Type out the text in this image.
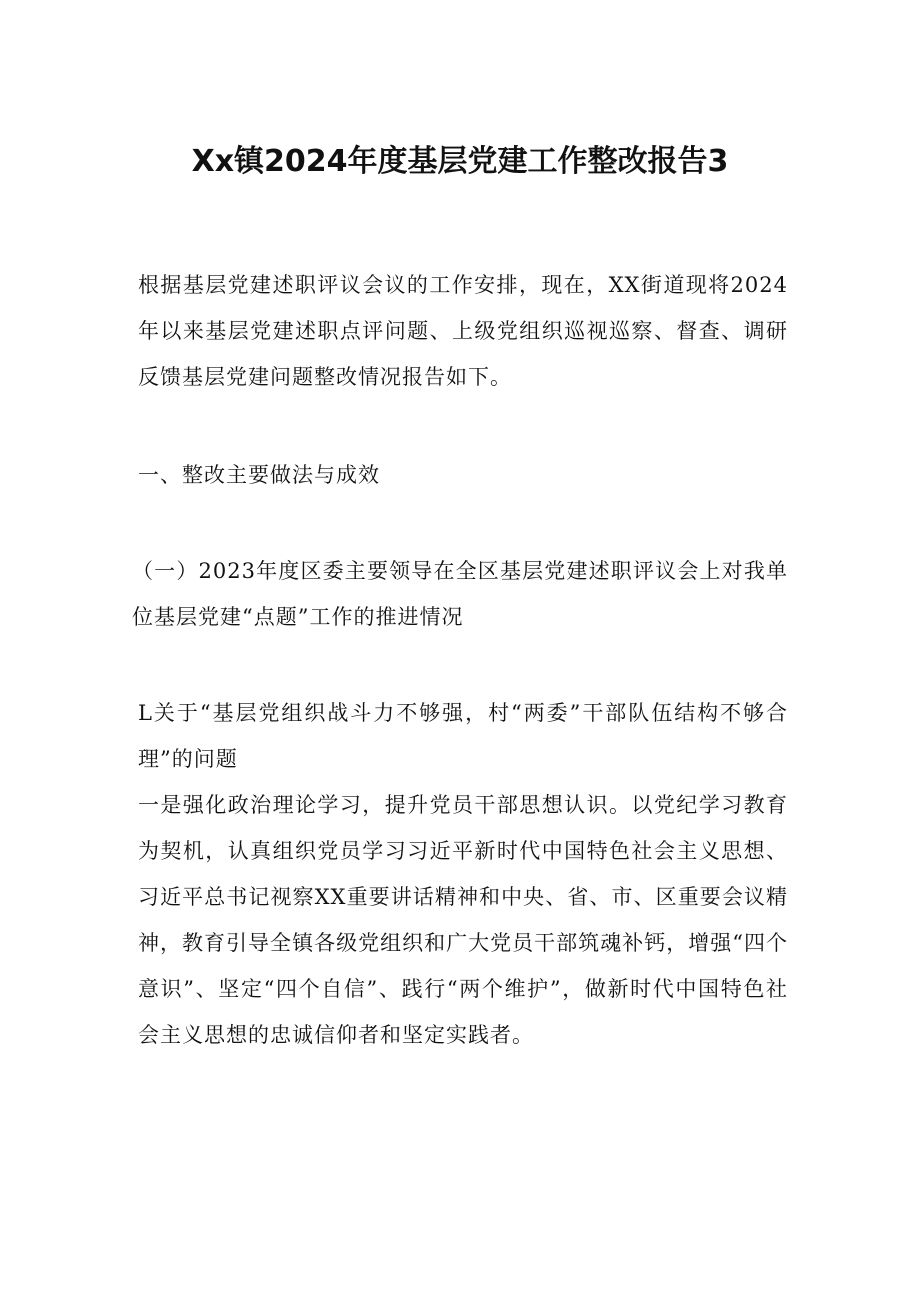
Xx镇2024年度基层党建工作整改报告3

根据基层党建述职评议会议的工作安排，现在，XX街道现将2024年以来基层党建述职点评问题、上级党组织巡视巡察、督查、调研反馈基层党建问题整改情况报告如下。

一、整改主要做法与成效

（一）2023年度区委主要领导在全区基层党建述职评议会上对我单位基层党建“点题”工作的推进情况

L关于“基层党组织战斗力不够强，村“两委”干部队伍结构不够合理”的问题

一是强化政治理论学习，提升党员干部思想认识。以党纪学习教育为契机，认真组织党员学习习近平新时代中国特色社会主义思想、习近平总书记视察XX重要讲话精神和中央、省、市、区重要会议精神，教育引导全镇各级党组织和广大党员干部筑魂补钙，增强“四个意识”、坚定“四个自信”、践行“两个维护”，做新时代中国特色社会主义思想的忠诚信仰者和坚定实践者。
